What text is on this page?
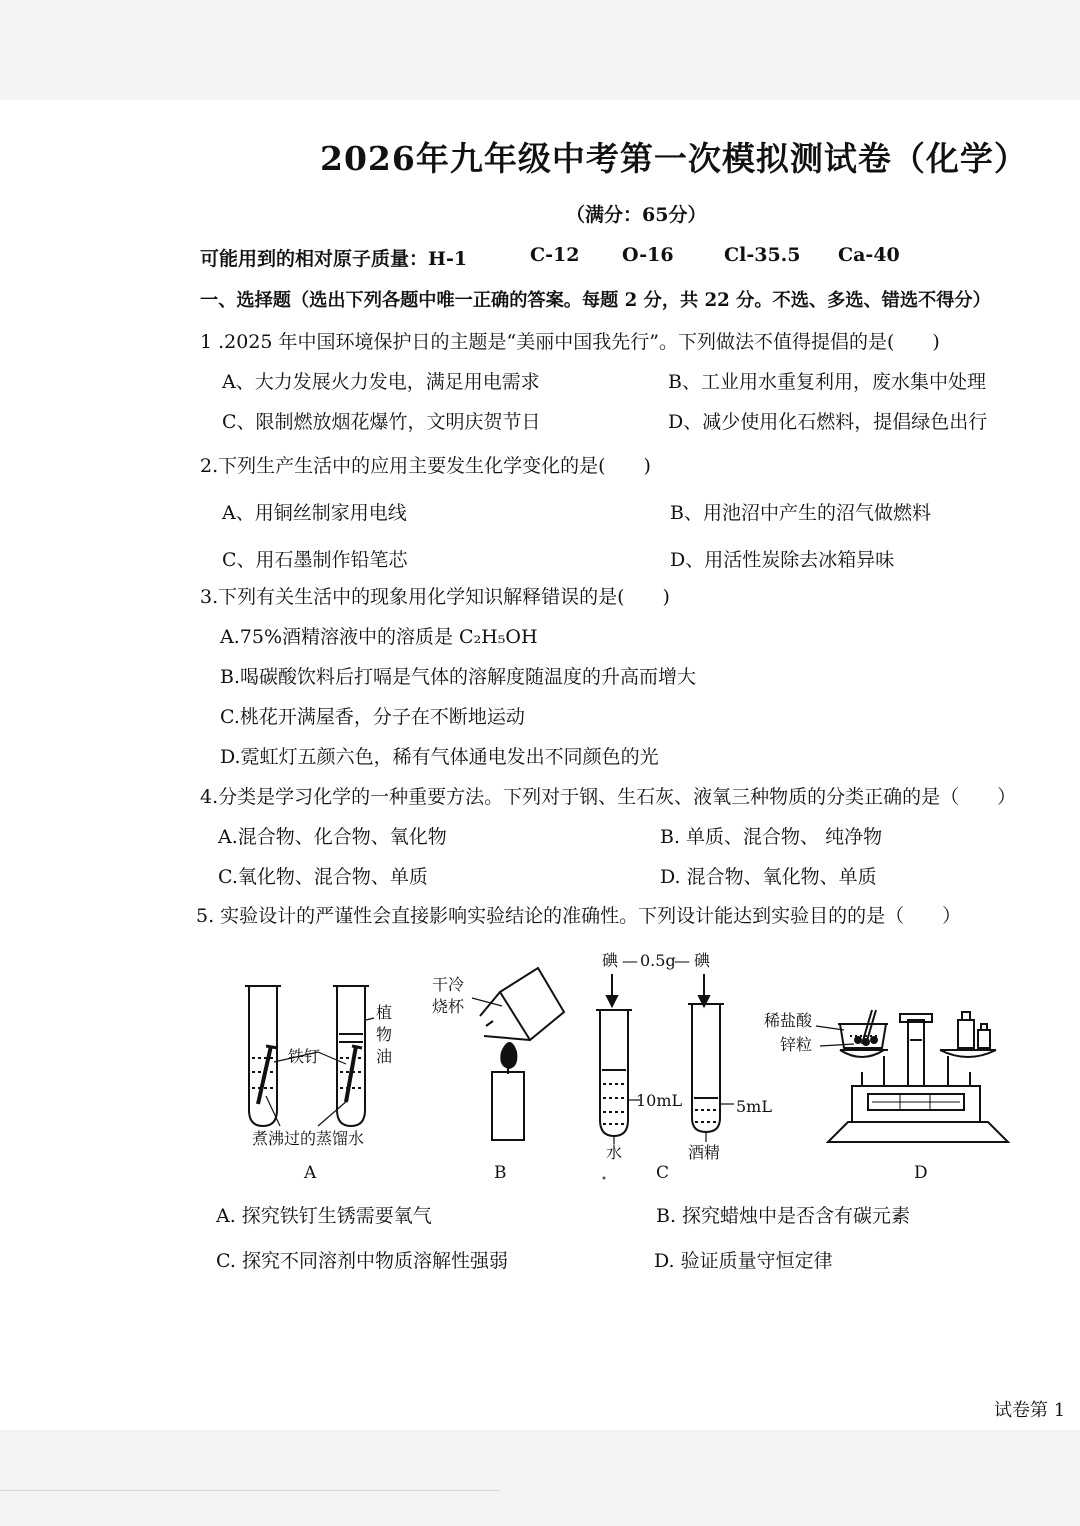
2026年九年级中考第一次模拟测试卷（化学）
（满分：65分）
可能用到的相对原子质量：H-1	C-12 O-16	Cl-35.5 Ca-40
一、选择题（选出下列各题中唯一正确的答案。每题 2 分，共 22 分。不选、多选、错选不得分）
1 .2025 年中国环境保护日的主题是“美丽中国我先行”。下列做法不值得提倡的是(　　)
A、大力发展火力发电，满足用电需求	B、工业用水重复利用，废水集中处理
C、限制燃放烟花爆竹，文明庆贺节日	D、减少使用化石燃料，提倡绿色出行
2.下列生产生活中的应用主要发生化学变化的是(　　)
A、用铜丝制家用电线	B、用池沼中产生的沼气做燃料
C、用石墨制作铅笔芯	D、用活性炭除去冰箱异味
3.下列有关生活中的现象用化学知识解释错误的是(　　)
A.75%酒精溶液中的溶质是 C₂H₅OH
B.喝碳酸饮料后打嗝是气体的溶解度随温度的升高而增大
C.桃花开满屋香，分子在不断地运动
D.霓虹灯五颜六色，稀有气体通电发出不同颜色的光
4.分类是学习化学的一种重要方法。下列对于钢、生石灰、液氧三种物质的分类正确的是（　　）
A.混合物、化合物、氧化物	B. 单质、混合物、 纯净物
C.氧化物、混合物、单质	D. 混合物、氧化物、单质
5. 实验设计的严谨性会直接影响实验结论的准确性。下列设计能达到实验目的的是（　　）
植
物
油
铁钉
煮沸过的蒸馏水
干冷
烧杯
碘 — 0.5g
— 碘
10mL	5mL
水	酒精
稀盐酸
锌粒
A	B	C	D
A. 探究铁钉生锈需要氧气	B. 探究蜡烛中是否含有碳元素
C. 探究不同溶剂中物质溶解性强弱	D. 验证质量守恒定律
试卷第 1
